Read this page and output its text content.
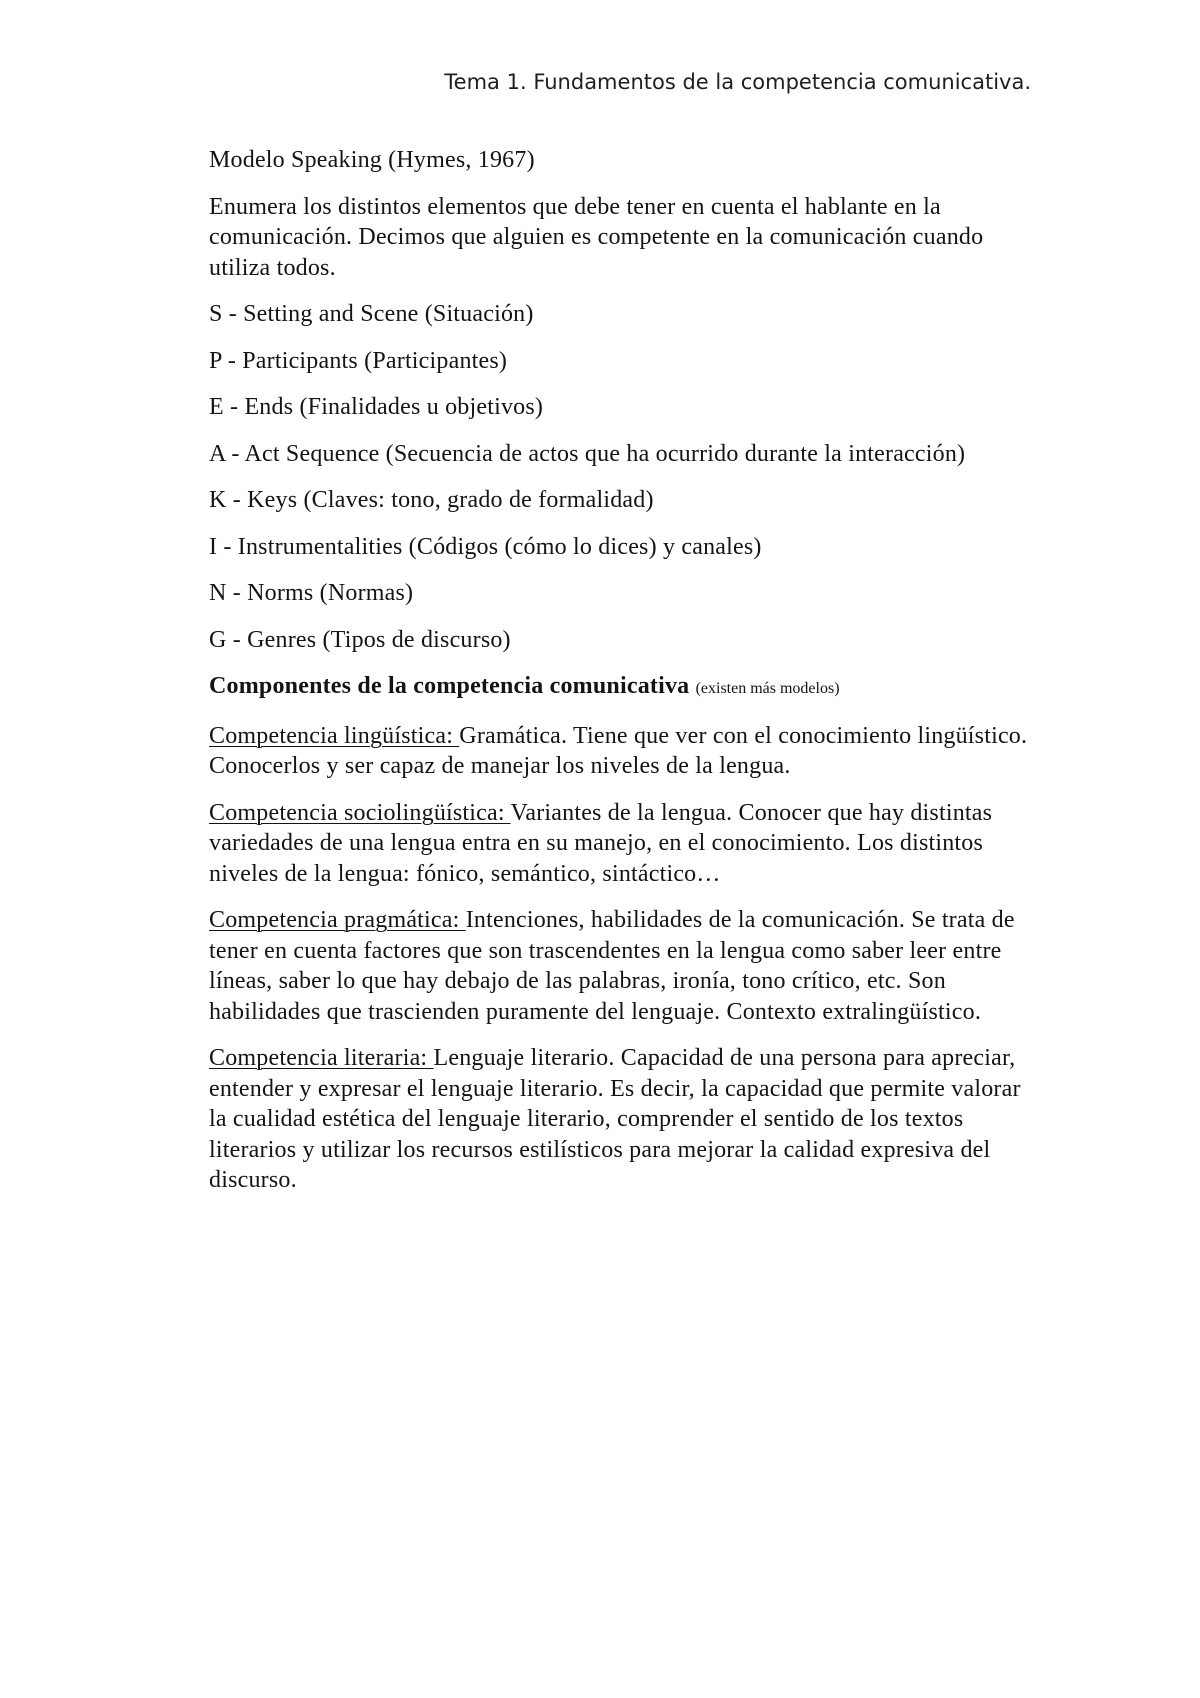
Tema 1. Fundamentos de la competencia comunicativa.
Modelo Speaking (Hymes, 1967)
Enumera los distintos elementos que debe tener en cuenta el hablante en la
comunicación. Decimos que alguien es competente en la comunicación cuando
utiliza todos.
S - Setting and Scene (Situación)
P - Participants (Participantes)
E - Ends (Finalidades u objetivos)
A - Act Sequence (Secuencia de actos que ha ocurrido durante la interacción)
K - Keys (Claves: tono, grado de formalidad)
I - Instrumentalities (Códigos (cómo lo dices) y canales)
N - Norms (Normas)
G - Genres (Tipos de discurso)
Componentes de la competencia comunicativa (existen más modelos)
Competencia lingüística: Gramática. Tiene que ver con el conocimiento lingüístico.
Conocerlos y ser capaz de manejar los niveles de la lengua.
Competencia sociolingüística: Variantes de la lengua. Conocer que hay distintas
variedades de una lengua entra en su manejo, en el conocimiento. Los distintos
niveles de la lengua: fónico, semántico, sintáctico…
Competencia pragmática: Intenciones, habilidades de la comunicación. Se trata de
tener en cuenta factores que son trascendentes en la lengua como saber leer entre
líneas, saber lo que hay debajo de las palabras, ironía, tono crítico, etc. Son
habilidades que trascienden puramente del lenguaje. Contexto extralingüístico.
Competencia literaria: Lenguaje literario. Capacidad de una persona para apreciar,
entender y expresar el lenguaje literario. Es decir, la capacidad que permite valorar
la cualidad estética del lenguaje literario, comprender el sentido de los textos
literarios y utilizar los recursos estilísticos para mejorar la calidad expresiva del
discurso.
